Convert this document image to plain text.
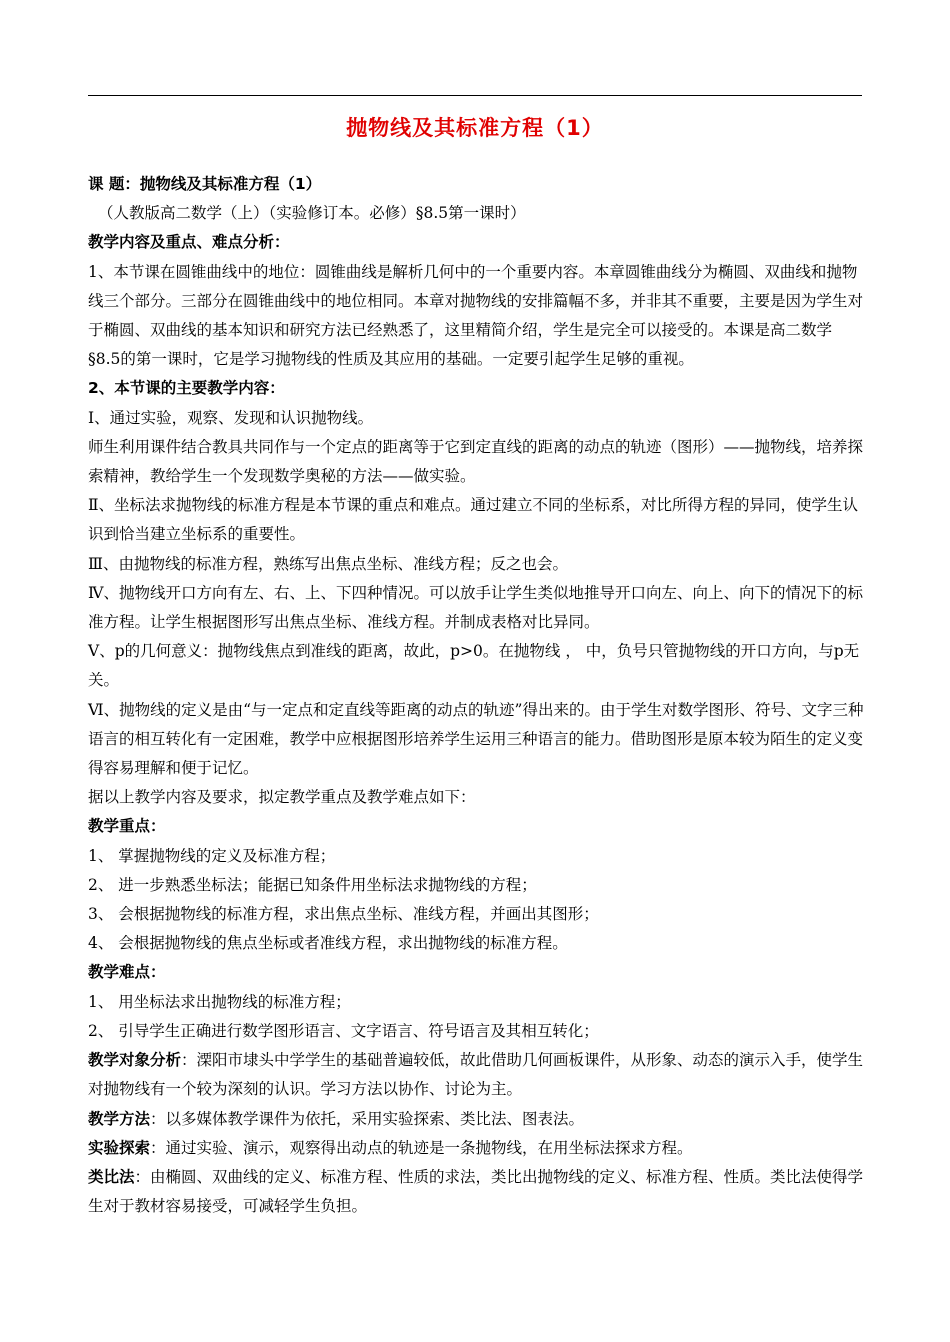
抛物线及其标准方程（1）

课 题：抛物线及其标准方程（1）

（人教版高二数学（上）（实验修订本。必修）§8.5第一课时）

教学内容及重点、难点分析：

1、本节课在圆锥曲线中的地位：圆锥曲线是解析几何中的一个重要内容。本章圆锥曲线分为椭圆、双曲线和抛物线三个部分。三部分在圆锥曲线中的地位相同。本章对抛物线的安排篇幅不多，并非其不重要，主要是因为学生对于椭圆、双曲线的基本知识和研究方法已经熟悉了，这里精简介绍，学生是完全可以接受的。本课是高二数学§8.5的第一课时，它是学习抛物线的性质及其应用的基础。一定要引起学生足够的重视。

2、本节课的主要教学内容：

Ⅰ、通过实验，观察、发现和认识抛物线。

师生利用课件结合教具共同作与一个定点的距离等于它到定直线的距离的动点的轨迹（图形）——抛物线，培养探索精神，教给学生一个发现数学奥秘的方法——做实验。

Ⅱ、坐标法求抛物线的标准方程是本节课的重点和难点。通过建立不同的坐标系，对比所得方程的异同，使学生认识到恰当建立坐标系的重要性。

Ⅲ、由抛物线的标准方程，熟练写出焦点坐标、准线方程；反之也会。

Ⅳ、抛物线开口方向有左、右、上、下四种情况。可以放手让学生类似地推导开口向左、向上、向下的情况下的标准方程。让学生根据图形写出焦点坐标、准线方程。并制成表格对比异同。

Ⅴ、p的几何意义：抛物线焦点到准线的距离，故此，p>0。在抛物线 ， 中，负号只管抛物线的开口方向，与p无关。

Ⅵ、抛物线的定义是由“与一定点和定直线等距离的动点的轨迹”得出来的。由于学生对数学图形、符号、文字三种语言的相互转化有一定困难，教学中应根据图形培养学生运用三种语言的能力。借助图形是原本较为陌生的定义变得容易理解和便于记忆。

据以上教学内容及要求，拟定教学重点及教学难点如下：

教学重点：

1、 掌握抛物线的定义及标准方程；

2、 进一步熟悉坐标法；能据已知条件用坐标法求抛物线的方程；

3、 会根据抛物线的标准方程，求出焦点坐标、准线方程，并画出其图形；

4、 会根据抛物线的焦点坐标或者准线方程，求出抛物线的标准方程。

教学难点：

1、 用坐标法求出抛物线的标准方程；

2、 引导学生正确进行数学图形语言、文字语言、符号语言及其相互转化；

教学对象分析：溧阳市埭头中学学生的基础普遍较低，故此借助几何画板课件，从形象、动态的演示入手，使学生对抛物线有一个较为深刻的认识。学习方法以协作、讨论为主。

教学方法：以多媒体教学课件为依托，采用实验探索、类比法、图表法。

实验探索：通过实验、演示，观察得出动点的轨迹是一条抛物线，在用坐标法探求方程。

类比法：由椭圆、双曲线的定义、标准方程、性质的求法，类比出抛物线的定义、标准方程、性质。类比法使得学生对于教材容易接受，可减轻学生负担。
